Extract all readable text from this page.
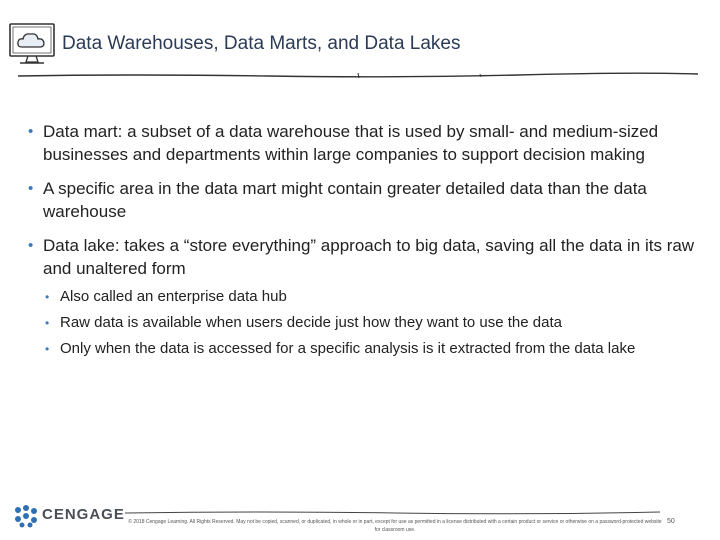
Data Warehouses, Data Marts, and Data Lakes
• Data mart: a subset of a data warehouse that is used by small- and medium-sized businesses and departments within large companies to support decision making
• A specific area in the data mart might contain greater detailed data than the data warehouse
• Data lake: takes a “store everything” approach to big data, saving all the data in its raw and unaltered form
• Also called an enterprise data hub
• Raw data is available when users decide just how they want to use the data
• Only when the data is accessed for a specific analysis is it extracted from the data lake
CENGAGE © 2018 Cengage Learning. All Rights Reserved. May not be copied, scanned, or duplicated, in whole or in part, except for use as permitted in a license distributed with a certain product or service or otherwise on a password-protected website for classroom use.
50
